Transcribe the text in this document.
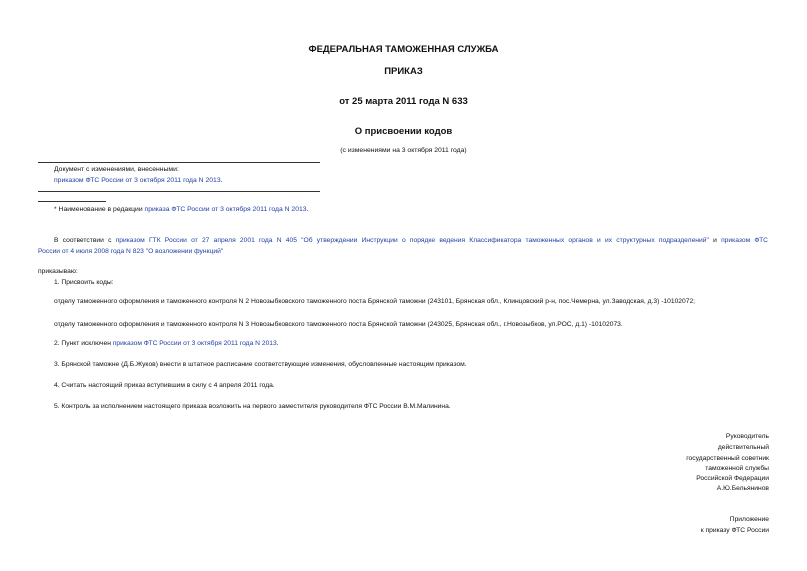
ФЕДЕРАЛЬНАЯ ТАМОЖЕННАЯ СЛУЖБА
ПРИКАЗ
от 25 марта 2011 года N 633
О присвоении кодов
(с изменениями на 3 октября 2011 года)
Документ с изменениями, внесенными:
приказом ФТС России от 3 октября 2011 года N 2013.
* Наименование в редакции приказа ФТС России от 3 октября 2011 года N 2013.
В соответствии с приказом ГТК России от 27 апреля 2001 года N 405 "Об утверждении Инструкции о порядке ведения Классификатора таможенных органов и их структурных подразделений" и приказом ФТС
России от 4 июля 2008 года N 823 "О возложении функций"
приказываю:
1. Присвоить коды:
отделу таможенного оформления и таможенного контроля N 2 Новозыбковского таможенного поста Брянской таможни (243101, Брянская обл., Клинцовский р-н, пос.Чемерна, ул.Заводская, д.3) -10102072;
отделу таможенного оформления и таможенного контроля N 3 Новозыбковского таможенного поста Брянской таможни (243025, Брянская обл., г.Новозыбков, ул.РОС, д.1) -10102073.
2. Пункт исключен приказом ФТС России от 3 октября 2011 года N 2013.
3. Брянской таможне (Д.Б.Жуков) внести в штатное расписание соответствующие изменения, обусловленные настоящим приказом.
4. Считать настоящий приказ вступившим в силу с 4 апреля 2011 года.
5. Контроль за исполнением настоящего приказа возложить на первого заместителя руководителя ФТС России В.М.Малинина.
Руководитель
действительный
государственный советник
таможенной службы
Российской Федерации
А.Ю.Бельянинов
Приложение
к приказу ФТС России
